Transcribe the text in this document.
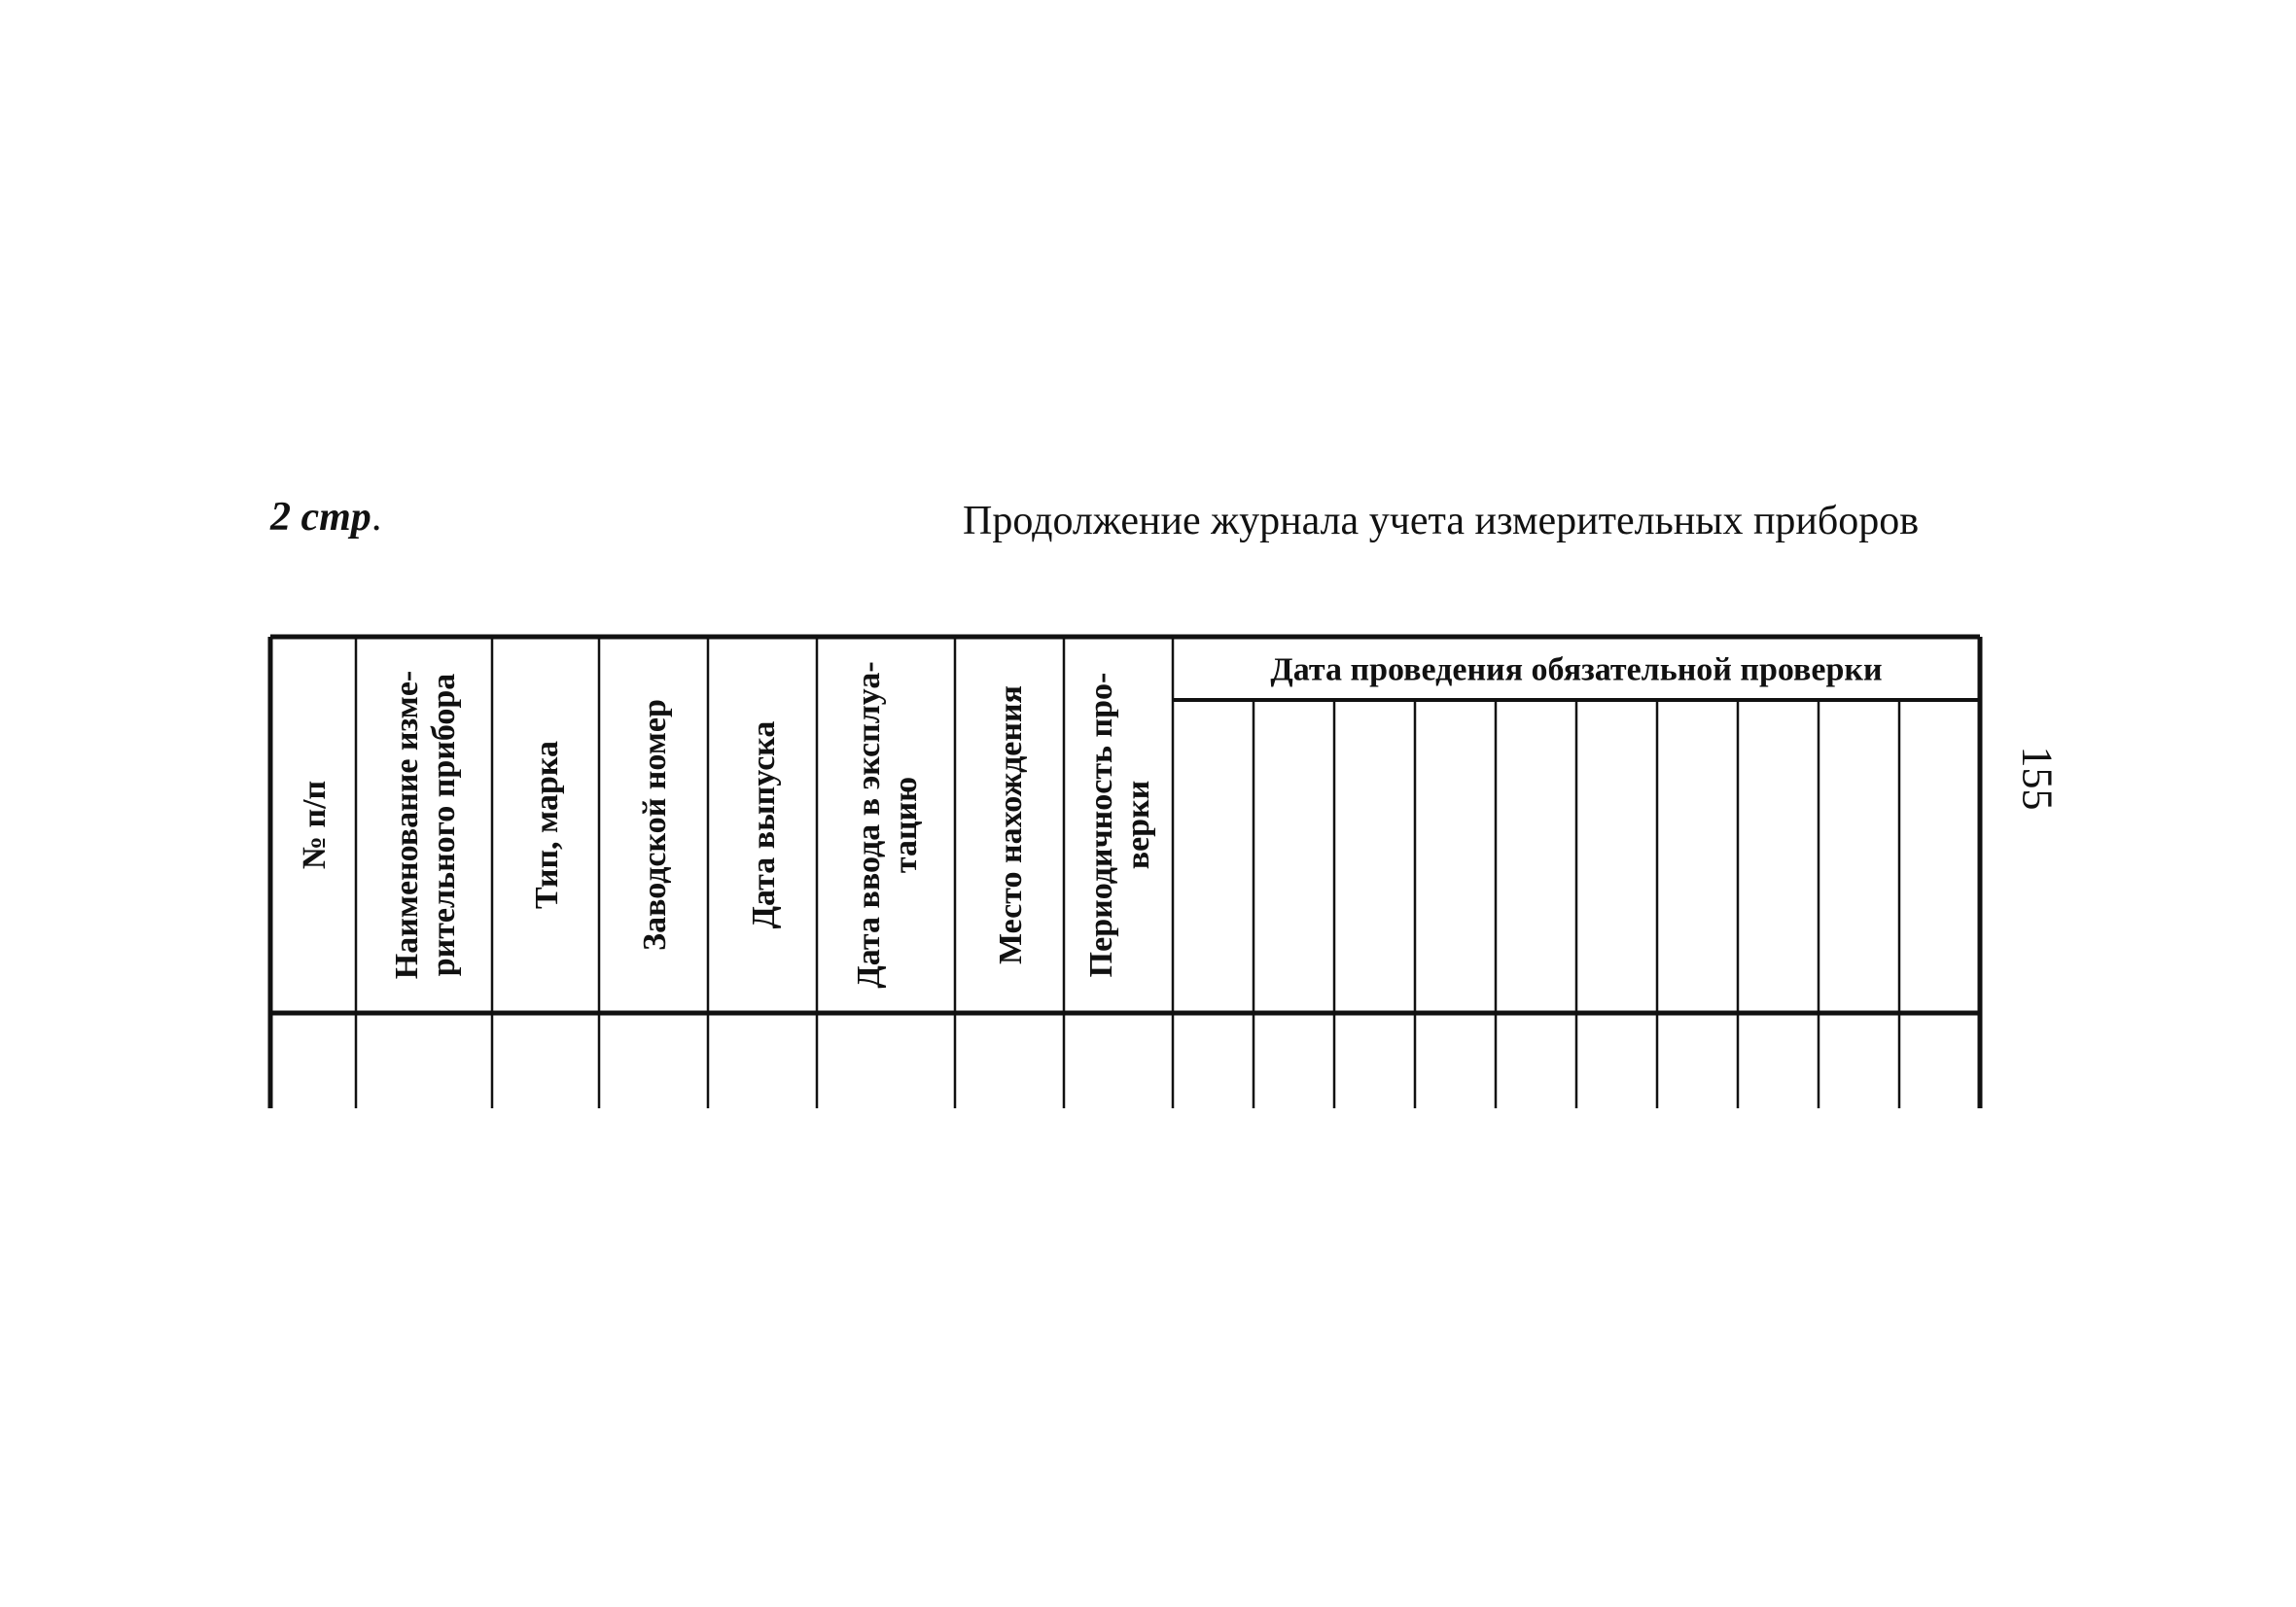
2 стр.	Продолжение журнала учета измерительных приборов
155
№ п/п Наименование изме-рительного прибора Тип, марка Заводской номер Дата выпуска Дата ввода в эксплуа-тацию Место нахождения Периодичность про-верки
Дата проведения обязательной проверки
